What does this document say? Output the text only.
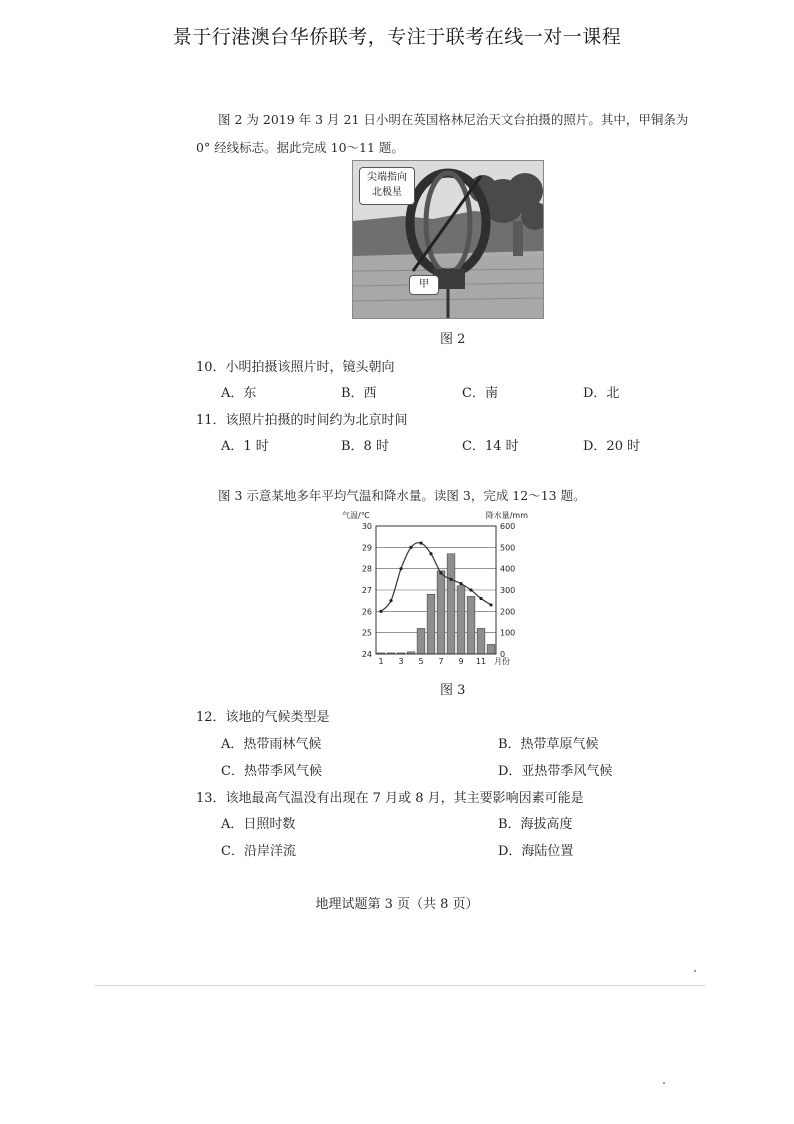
景于行港澳台华侨联考，专注于联考在线一对一课程
图 2 为 2019 年 3 月 21 日小明在英国格林尼治天文台拍摄的照片。其中，甲铜条为
0° 经线标志。据此完成 10～11 题。
尖端指向
北极星
甲
图 2
10．小明拍摄该照片时，镜头朝向
A．东	B．西	C．南	D．北
11．该照片拍摄的时间约为北京时间
A．1 时	B．8 时	C．14 时	D．20 时
图 3 示意某地多年平均气温和降水量。读图 3，完成 12～13 题。
气温/℃	降水量/mm
24
25
26
27
28
29
30
0
100
200
300
400
500
600
1 3 5 7 9 11 月份
图 3
12．该地的气候类型是
A．热带雨林气候	B．热带草原气候
C．热带季风气候	D．亚热带季风气候
13．该地最高气温没有出现在 7 月或 8 月，其主要影响因素可能是
A．日照时数	B．海拔高度
C．沿岸洋流	D．海陆位置
地理试题第 3 页（共 8 页）
